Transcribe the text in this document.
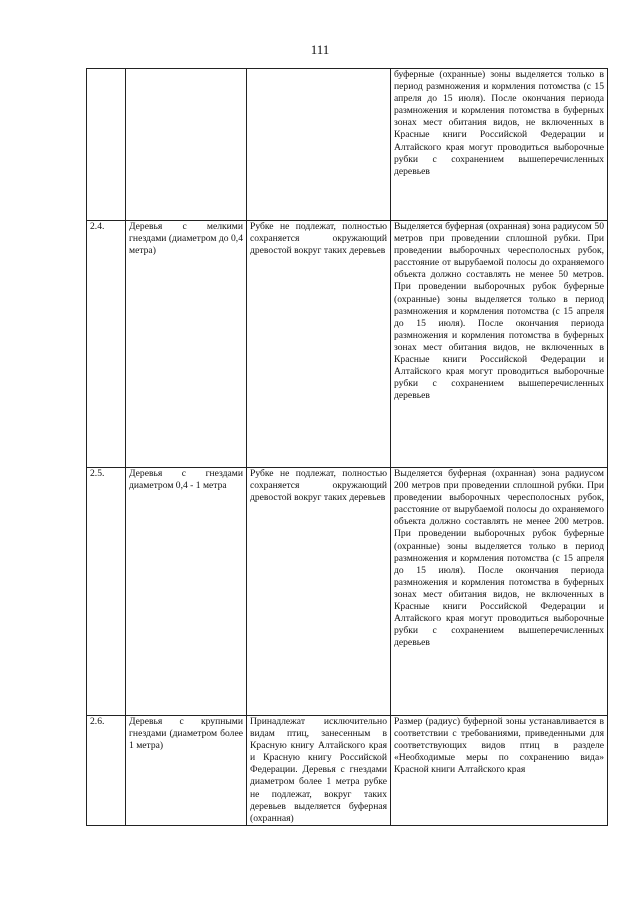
111
			буферные (охранные) зоны выделяется только в период размножения и кормления потомства (с 15 апреля до 15 июля). После окончания периода размножения и кормления потомства в буферных зонах мест обитания видов, не включенных в Красные книги Российской Федерации и Алтайского края могут проводиться выборочные рубки с сохранением вышеперечисленных деревьев
2.4.	Деревья с мелкими гнездами (диаметром до 0,4 метра)	Рубке не подлежат, полностью сохраняется окружающий древостой вокруг таких деревьев	Выделяется буферная (охранная) зона радиусом 50 метров при проведении сплошной рубки. При проведении выборочных чересполосных рубок, расстояние от вырубаемой полосы до охраняемого объекта должно составлять не менее 50 метров. При проведении выборочных рубок буферные (охранные) зоны выделяется только в период размножения и кормления потомства (с 15 апреля до 15 июля). После окончания периода размножения и кормления потомства в буферных зонах мест обитания видов, не включенных в Красные книги Российской Федерации и Алтайского края могут проводиться выборочные рубки с сохранением вышеперечисленных деревьев
2.5.	Деревья с гнездами диаметром 0,4 - 1 метра	Рубке не подлежат, полностью сохраняется окружающий древостой вокруг таких деревьев	Выделяется буферная (охранная) зона радиусом 200 метров при проведении сплошной рубки. При проведении выборочных чересполосных рубок, расстояние от вырубаемой полосы до охраняемого объекта должно составлять не менее 200 метров. При проведении выборочных рубок буферные (охранные) зоны выделяется только в период размножения и кормления потомства (с 15 апреля до 15 июля). После окончания периода размножения и кормления потомства в буферных зонах мест обитания видов, не включенных в Красные книги Российской Федерации и Алтайского края могут проводиться выборочные рубки с сохранением вышеперечисленных деревьев
2.6.	Деревья с крупными гнездами (диаметром более 1 метра)	Принадлежат исключительно видам птиц, занесенным в Красную книгу Алтайского края и Красную книгу Российской Федерации. Деревья с гнездами диаметром более 1 метра рубке не подлежат, вокруг таких деревьев выделяется буферная (охранная)	Размер (радиус) буферной зоны устанавливается в соответствии с требованиями, приведенными для соответствующих видов птиц в разделе «Необходимые меры по сохранению вида» Красной книги Алтайского края
